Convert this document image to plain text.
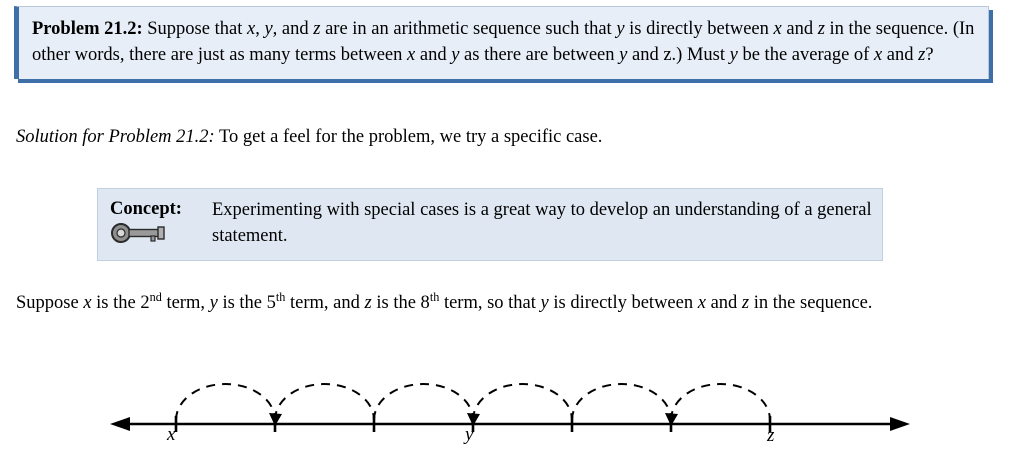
Problem 21.2: Suppose that x, y, and z are in an arithmetic sequence such that y is directly between x and z in the sequence. (In other words, there are just as many terms between x and y as there are between y and z.) Must y be the average of x and z?
Solution for Problem 21.2: To get a feel for the problem, we try a specific case.
Concept:	Experimenting with special cases is a great way to develop an understanding of a general statement.
Suppose x is the 2nd term, y is the 5th term, and z is the 8th term, so that y is directly between x and z in the sequence.
x	y	z
